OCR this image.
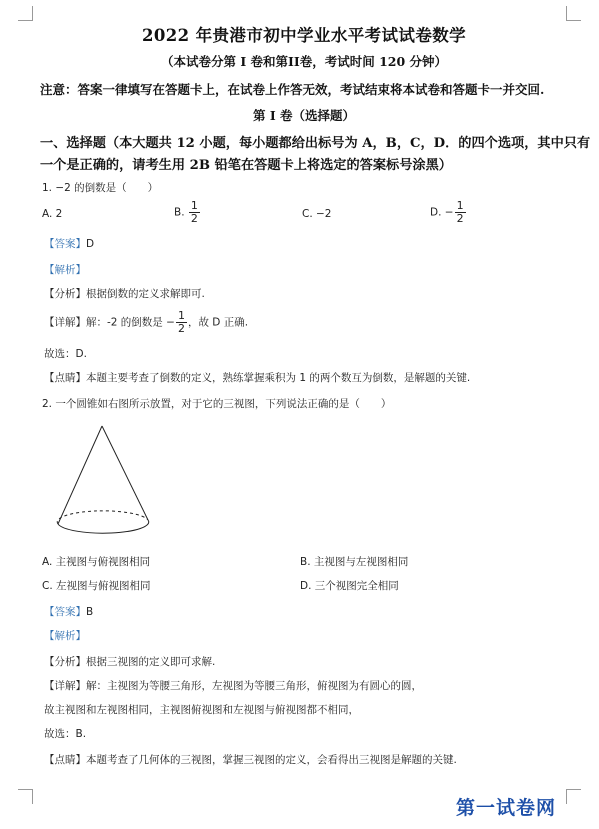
2022 年贵港市初中学业水平考试试卷数学
（本试卷分第 I 卷和第II卷，考试时间 120 分钟）
注意：答案一律填写在答题卡上，在试卷上作答无效，考试结束将本试卷和答题卡一并交回.
第 I 卷（选择题）
一、选择题（本大题共 12 小题，每小题都给出标号为 A，B，C，D．的四个选项，其中只有
一个是正确的，请考生用 2B 铅笔在答题卡上将选定的答案标号涂黑）
1. −2 的倒数是（　　）
A. 2	B. $\frac{1}{2}$	C. −2	D. − $\frac{1}{2}$
【答案】D
【解析】
【分析】根据倒数的定义求解即可.
【详解】解：-2 的倒数是 − $\frac{1}{2}$ ，故 D 正确.
故选：D.
【点睛】本题主要考查了倒数的定义，熟练掌握乘积为 1 的两个数互为倒数，是解题的关键.
2. 一个圆锥如右图所示放置，对于它的三视图，下列说法正确的是（　　）
A. 主视图与俯视图相同	B. 主视图与左视图相同
C. 左视图与俯视图相同	D. 三个视图完全相同
【答案】B
【解析】
【分析】根据三视图的定义即可求解.
【详解】解：主视图为等腰三角形，左视图为等腰三角形，俯视图为有圆心的圆，
故主视图和左视图相同，主视图俯视图和左视图与俯视图都不相同，
故选：B.
【点睛】本题考查了几何体的三视图，掌握三视图的定义，会看得出三视图是解题的关键.
第一试卷网
